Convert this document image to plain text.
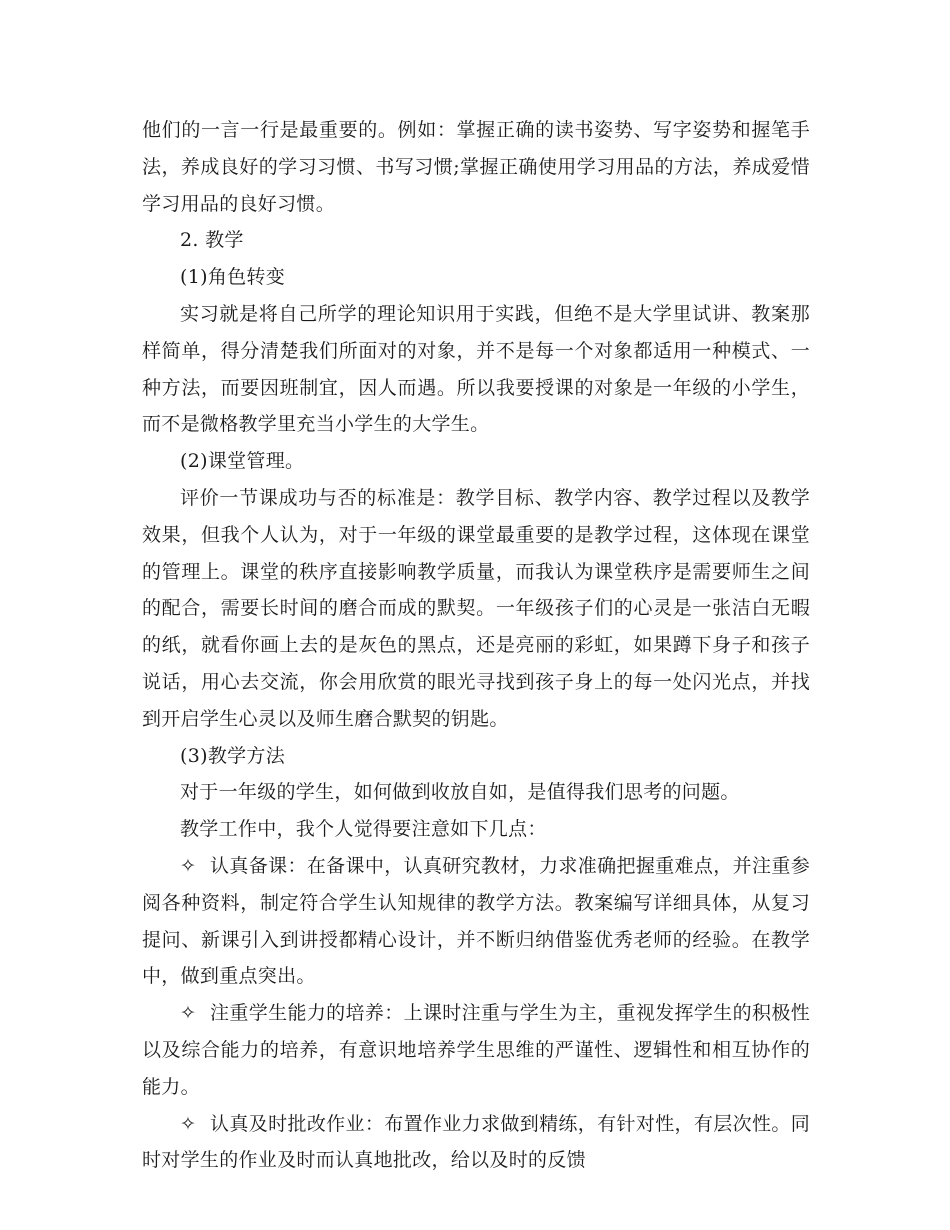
他们的一言一行是最重要的。例如：掌握正确的读书姿势、写字姿势和握笔手法，养成良好的学习习惯、书写习惯;掌握正确使用学习用品的方法，养成爱惜学习用品的良好习惯。

2. 教学

(1)角色转变

实习就是将自己所学的理论知识用于实践，但绝不是大学里试讲、教案那样简单，得分清楚我们所面对的对象，并不是每一个对象都适用一种模式、一种方法，而要因班制宜，因人而遇。所以我要授课的对象是一年级的小学生，而不是微格教学里充当小学生的大学生。

(2)课堂管理。

评价一节课成功与否的标准是：教学目标、教学内容、教学过程以及教学效果，但我个人认为，对于一年级的课堂最重要的是教学过程，这体现在课堂的管理上。课堂的秩序直接影响教学质量，而我认为课堂秩序是需要师生之间的配合，需要长时间的磨合而成的默契。一年级孩子们的心灵是一张洁白无暇的纸，就看你画上去的是灰色的黑点，还是亮丽的彩虹，如果蹲下身子和孩子说话，用心去交流，你会用欣赏的眼光寻找到孩子身上的每一处闪光点，并找到开启学生心灵以及师生磨合默契的钥匙。

(3)教学方法

对于一年级的学生，如何做到收放自如，是值得我们思考的问题。

教学工作中，我个人觉得要注意如下几点：

✧ 认真备课：在备课中，认真研究教材，力求准确把握重难点，并注重参阅各种资料，制定符合学生认知规律的教学方法。教案编写详细具体，从复习提问、新课引入到讲授都精心设计，并不断归纳借鉴优秀老师的经验。在教学中，做到重点突出。

✧ 注重学生能力的培养：上课时注重与学生为主，重视发挥学生的积极性以及综合能力的培养，有意识地培养学生思维的严谨性、逻辑性和相互协作的能力。

✧ 认真及时批改作业：布置作业力求做到精练，有针对性，有层次性。同时对学生的作业及时而认真地批改，给以及时的反馈
